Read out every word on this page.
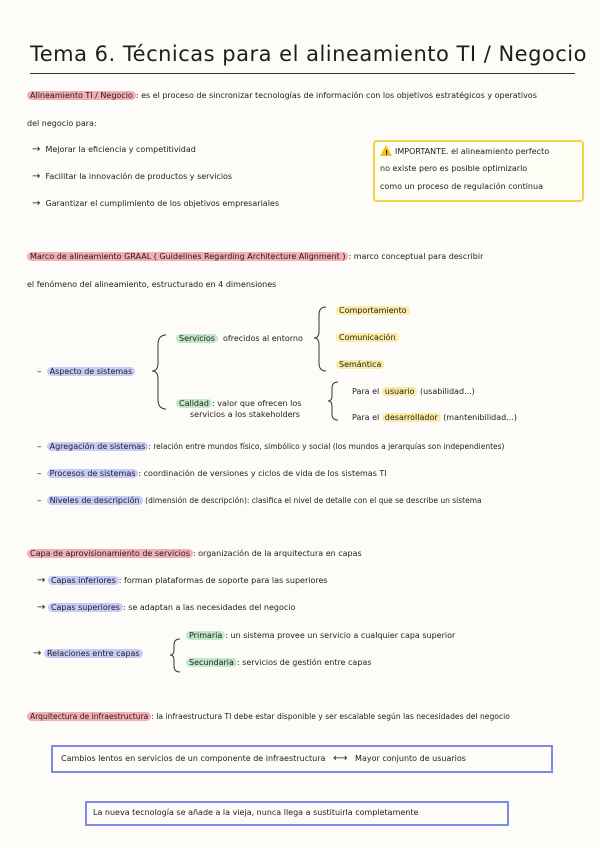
Tema 6. Técnicas para el alineamiento TI / Negocio
Alineamiento TI / Negocio : es el proceso de sincronizar tecnologías de información con los objetivos estratégicos y operativos
del negocio para:
→ Mejorar la eficiencia y competitividad
→ Facilitar la innovación de productos y servicios
→ Garantizar el cumplimiento de los objetivos empresariales
! IMPORTANTE. el alineamiento perfecto
no existe pero es posible optimizarlo
como un proceso de regulación continua
Marco de alineamiento GRAAL ( Guidelines Regarding Architecture Alignment ) : marco conceptual para describir
el fenómeno del alineamiento, estructurado en 4 dimensiones
– Aspecto de sistemas
Servicios ofrecidos al entorno
Comportamiento
Comunicación
Semántica
Calidad : valor que ofrecen los
servicios a los stakeholders
Para el usuario (usabilidad...)
Para el desarrollador (mantenibilidad...)
– Agregación de sistemas : relación entre mundos físico, simbólico y social (los mundos a jerarquías son independientes)
– Procesos de sistemas : coordinación de versiones y ciclos de vida de los sistemas TI
– Niveles de descripción (dimensión de descripción): clasifica el nivel de detalle con el que se describe un sistema
Capa de aprovisionamiento de servicios : organización de la arquitectura en capas
→ Capas inferiores : forman plataformas de soporte para las superiores
→ Capas superiores : se adaptan a las necesidades del negocio
→ Relaciones entre capas
Primaria : un sistema provee un servicio a cualquier capa superior
Secundaria : servicios de gestión entre capas
Arquitectura de infraestructura : la infraestructura TI debe estar disponible y ser escalable según las necesidades del negocio
Cambios lentos en servicios de un componente de infraestructura ⟷ Mayor conjunto de usuarios
La nueva tecnología se añade a la vieja, nunca llega a sustituirla completamente
